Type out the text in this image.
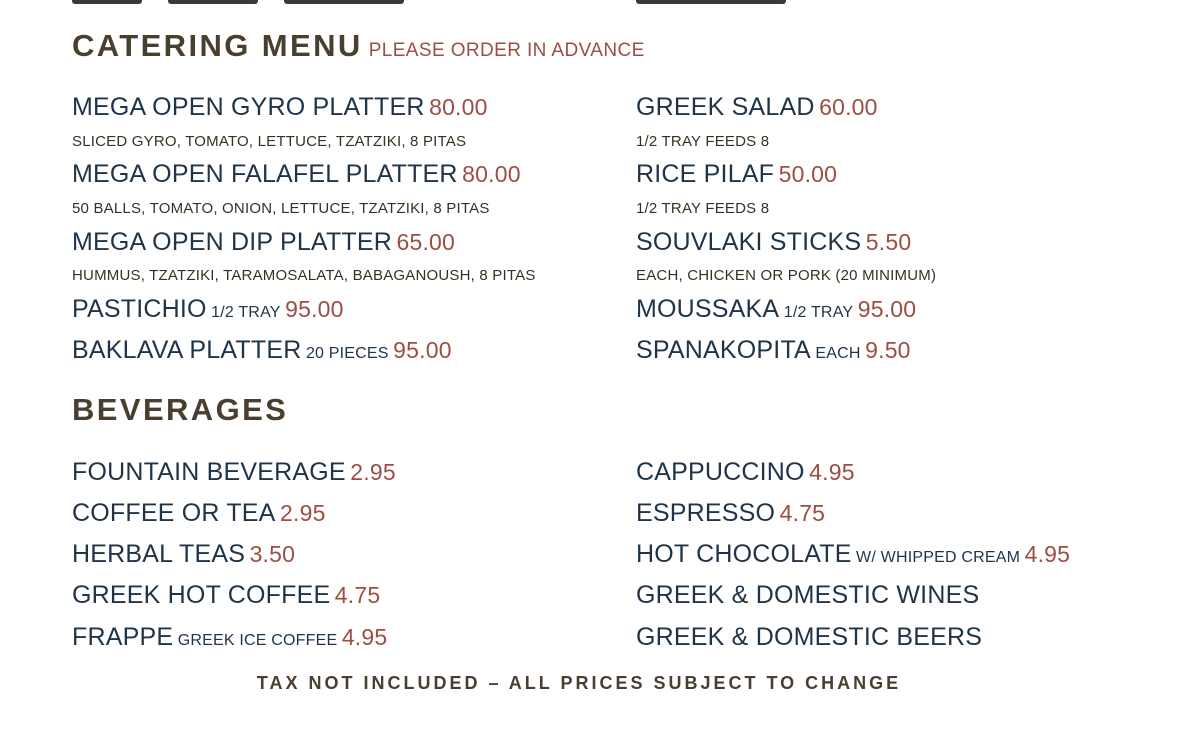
CATERING MENU PLEASE ORDER IN ADVANCE
MEGA OPEN GYRO PLATTER 80.00
SLICED GYRO, TOMATO, LETTUCE, TZATZIKI, 8 PITAS
MEGA OPEN FALAFEL PLATTER 80.00
50 BALLS, TOMATO, ONION, LETTUCE, TZATZIKI, 8 PITAS
MEGA OPEN DIP PLATTER 65.00
HUMMUS, TZATZIKI, TARAMOSALATA, BABAGANOUSH, 8 PITAS
PASTICHIO 1/2 TRAY 95.00
BAKLAVA PLATTER 20 PIECES 95.00
GREEK SALAD 60.00
1/2 TRAY FEEDS 8
RICE PILAF 50.00
1/2 TRAY FEEDS 8
SOUVLAKI STICKS 5.50
EACH, CHICKEN OR PORK (20 MINIMUM)
MOUSSAKA 1/2 TRAY 95.00
SPANAKOPITA EACH 9.50
BEVERAGES
FOUNTAIN BEVERAGE 2.95
COFFEE OR TEA 2.95
HERBAL TEAS 3.50
GREEK HOT COFFEE 4.75
FRAPPE GREEK ICE COFFEE 4.95
CAPPUCCINO 4.95
ESPRESSO 4.75
HOT CHOCOLATE W/ WHIPPED CREAM 4.95
GREEK & DOMESTIC WINES
GREEK & DOMESTIC BEERS
TAX NOT INCLUDED – ALL PRICES SUBJECT TO CHANGE
